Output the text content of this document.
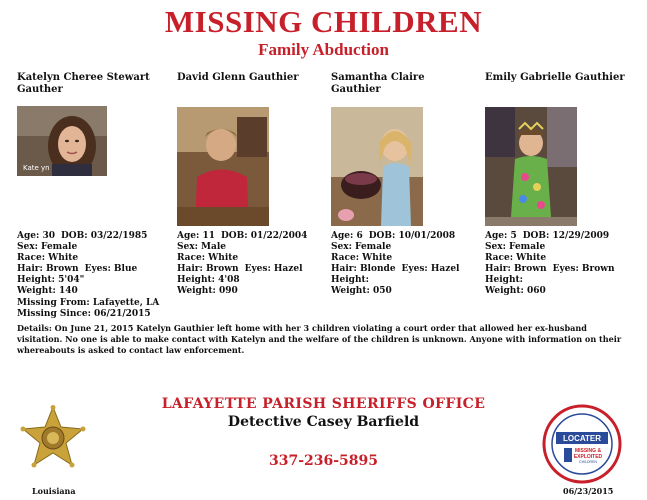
MISSING CHILDREN
Family Abduction
Katelyn Cheree Stewart Gauther
Kate yn
Age: 30 DOB: 03/22/1985
Sex: Female
Race: White
Hair: Brown Eyes: Blue
Height: 5'04"
Weight: 140
David Glenn Gauthier
Age: 11 DOB: 01/22/2004
Sex: Male
Race: White
Hair: Brown Eyes: Hazel
Height: 4'08
Weight: 090
Samantha Claire Gauthier
Age: 6 DOB: 10/01/2008
Sex: Female
Race: White
Hair: Blonde Eyes: Hazel
Height:
Weight: 050
Emily Gabrielle Gauthier
Age: 5 DOB: 12/29/2009
Sex: Female
Race: White
Hair: Brown Eyes: Brown
Height:
Weight: 060
Missing From: Lafayette, LA
Missing Since: 06/21/2015
Details: On June 21, 2015 Katelyn Gauthier left home with her 3 children violating a court order that allowed her ex-husband visitation. No one is able to make contact with Katelyn and the welfare of the children is unknown. Anyone with information on their whereabouts is asked to contact law enforcement.
LAFAYETTE PARISH SHERIFFS OFFICE
Detective Casey Barfield
337-236-5895
Louisiana
LOCATER
MISSING &
EXPLOITED
CHILDREN
06/23/2015
